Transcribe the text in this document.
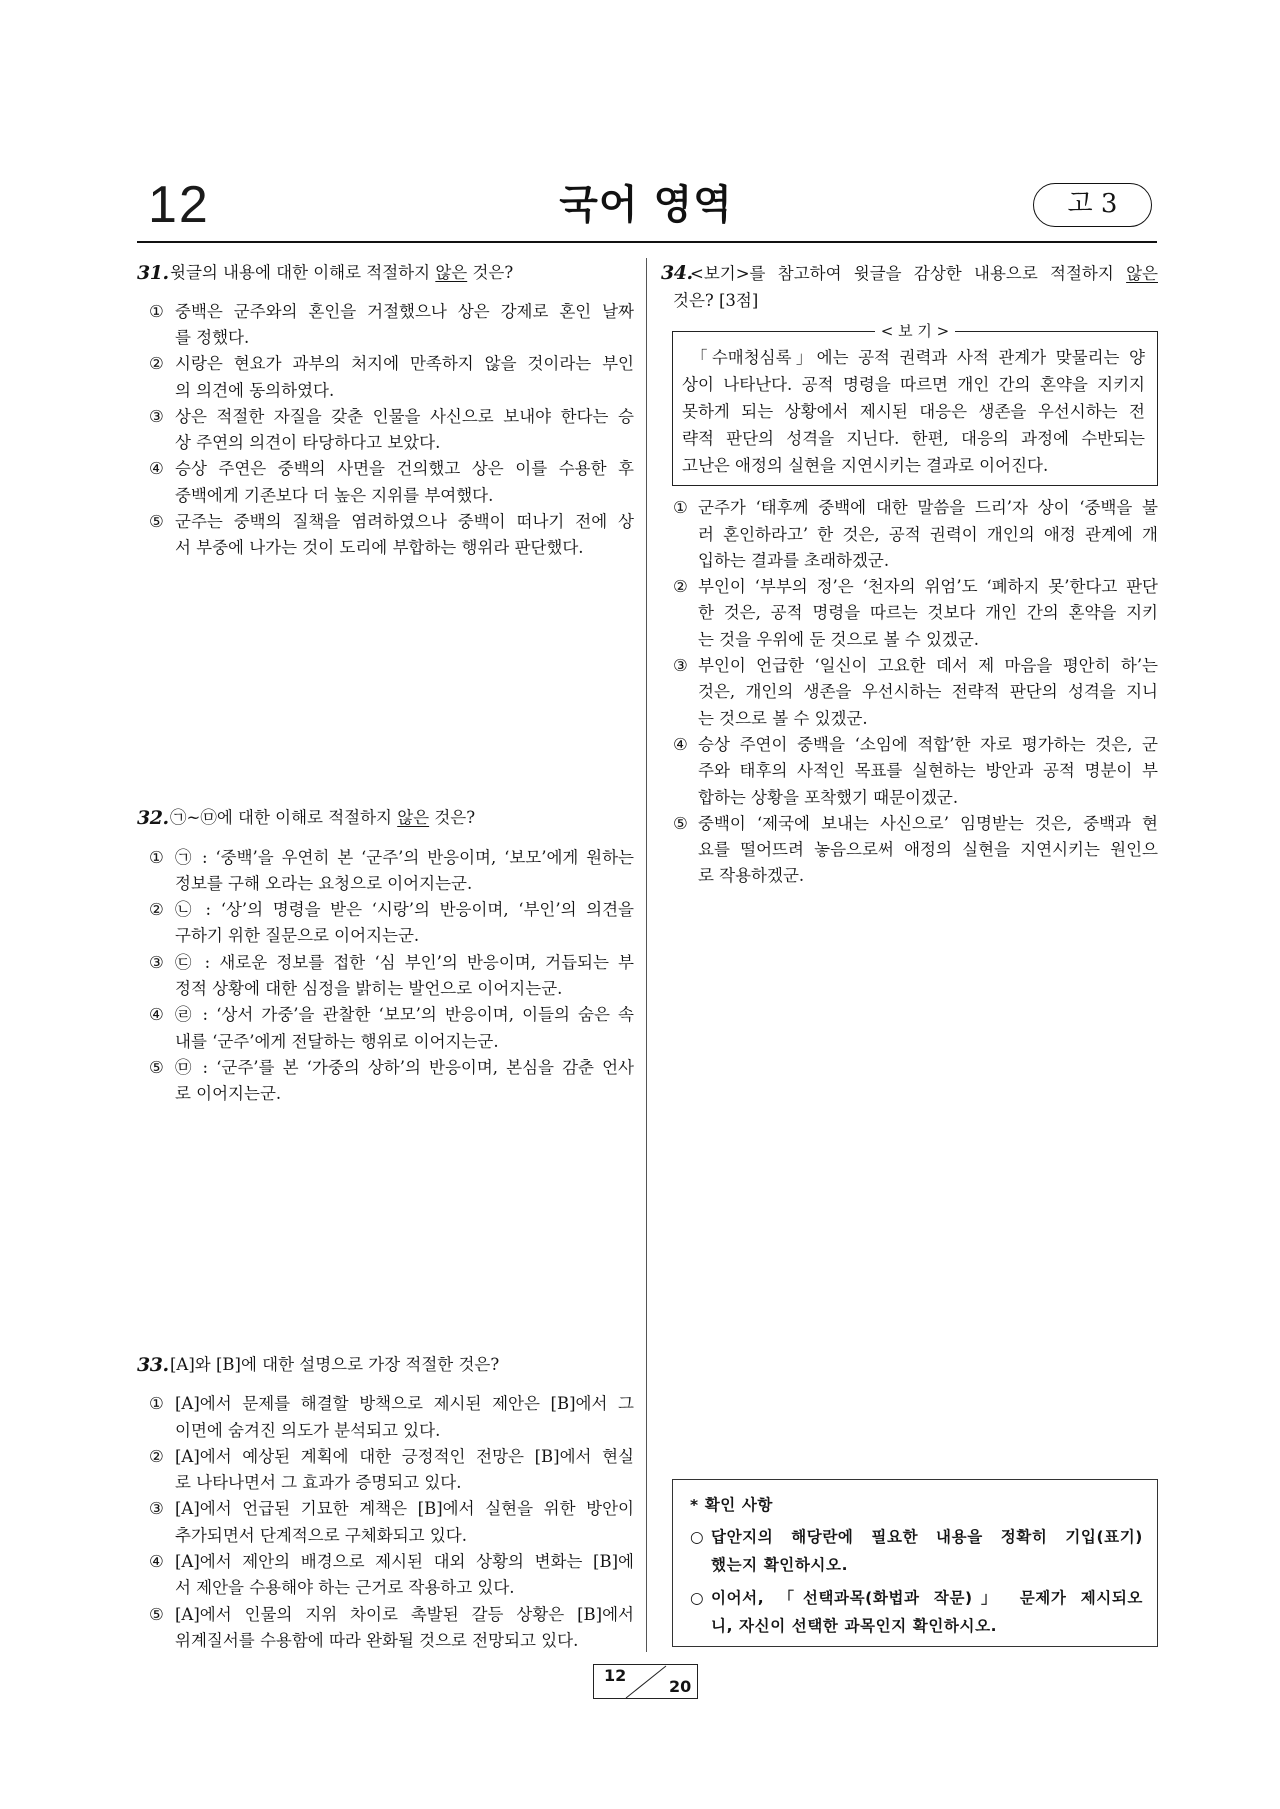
12	국어 영역	고 3
31. 윗글의 내용에 대한 이해로 적절하지 않은 것은?
① 중백은 군주와의 혼인을 거절했으나 상은 강제로 혼인 날짜
를 정했다.
② 시랑은 현요가 과부의 처지에 만족하지 않을 것이라는 부인
의 의견에 동의하였다.
③ 상은 적절한 자질을 갖춘 인물을 사신으로 보내야 한다는 승
상 주연의 의견이 타당하다고 보았다.
④ 승상 주연은 중백의 사면을 건의했고 상은 이를 수용한 후
중백에게 기존보다 더 높은 지위를 부여했다.
⑤ 군주는 중백의 질책을 염려하였으나 중백이 떠나기 전에 상
서 부중에 나가는 것이 도리에 부합하는 행위라 판단했다.
32. ㉠~㉤에 대한 이해로 적절하지 않은 것은?
① ㉠ : ‘중백’을 우연히 본 ‘군주’의 반응이며, ‘보모’에게 원하는
정보를 구해 오라는 요청으로 이어지는군.
② ㉡ : ‘상’의 명령을 받은 ‘시랑’의 반응이며, ‘부인’의 의견을
구하기 위한 질문으로 이어지는군.
③ ㉢ : 새로운 정보를 접한 ‘심 부인’의 반응이며, 거듭되는 부
정적 상황에 대한 심정을 밝히는 발언으로 이어지는군.
④ ㉣ : ‘상서 가중’을 관찰한 ‘보모’의 반응이며, 이들의 숨은 속
내를 ‘군주’에게 전달하는 행위로 이어지는군.
⑤ ㉤ : ‘군주’를 본 ‘가중의 상하’의 반응이며, 본심을 감춘 언사
로 이어지는군.
33. [A]와 [B]에 대한 설명으로 가장 적절한 것은?
① [A]에서 문제를 해결할 방책으로 제시된 제안은 [B]에서 그
이면에 숨겨진 의도가 분석되고 있다.
② [A]에서 예상된 계획에 대한 긍정적인 전망은 [B]에서 현실
로 나타나면서 그 효과가 증명되고 있다.
③ [A]에서 언급된 기묘한 계책은 [B]에서 실현을 위한 방안이
추가되면서 단계적으로 구체화되고 있다.
④ [A]에서 제안의 배경으로 제시된 대외 상황의 변화는 [B]에
서 제안을 수용해야 하는 근거로 작용하고 있다.
⑤ [A]에서 인물의 지위 차이로 촉발된 갈등 상황은 [B]에서
위계질서를 수용함에 따라 완화될 것으로 전망되고 있다.
34.
<보기>를 참고하여 윗글을 감상한 내용으로 적절하지 않은
것은? [3점]
< 보 기 >
「수매청심록」에는 공적 권력과 사적 관계가 맞물리는 양
상이 나타난다. 공적 명령을 따르면 개인 간의 혼약을 지키지
못하게 되는 상황에서 제시된 대응은 생존을 우선시하는 전
략적 판단의 성격을 지닌다. 한편, 대응의 과정에 수반되는
고난은 애정의 실현을 지연시키는 결과로 이어진다.
① 군주가 ‘태후께 중백에 대한 말씀을 드리’자 상이 ‘중백을 불
러 혼인하라고’ 한 것은, 공적 권력이 개인의 애정 관계에 개
입하는 결과를 초래하겠군.
② 부인이 ‘부부의 정’은 ‘천자의 위엄’도 ‘폐하지 못’한다고 판단
한 것은, 공적 명령을 따르는 것보다 개인 간의 혼약을 지키
는 것을 우위에 둔 것으로 볼 수 있겠군.
③ 부인이 언급한 ‘일신이 고요한 데서 제 마음을 평안히 하’는
것은, 개인의 생존을 우선시하는 전략적 판단의 성격을 지니
는 것으로 볼 수 있겠군.
④ 승상 주연이 중백을 ‘소임에 적합’한 자로 평가하는 것은, 군
주와 태후의 사적인 목표를 실현하는 방안과 공적 명분이 부
합하는 상황을 포착했기 때문이겠군.
⑤ 중백이 ‘제국에 보내는 사신으로’ 임명받는 것은, 중백과 현
요를 떨어뜨려 놓음으로써 애정의 실현을 지연시키는 원인으
로 작용하겠군.
* 확인 사항
○ 답안지의 해당란에 필요한 내용을 정확히 기입(표기)
했는지 확인하시오.
○ 이어서, 「선택과목(화법과 작문)」 문제가 제시되오
니, 자신이 선택한 과목인지 확인하시오.
12
20
